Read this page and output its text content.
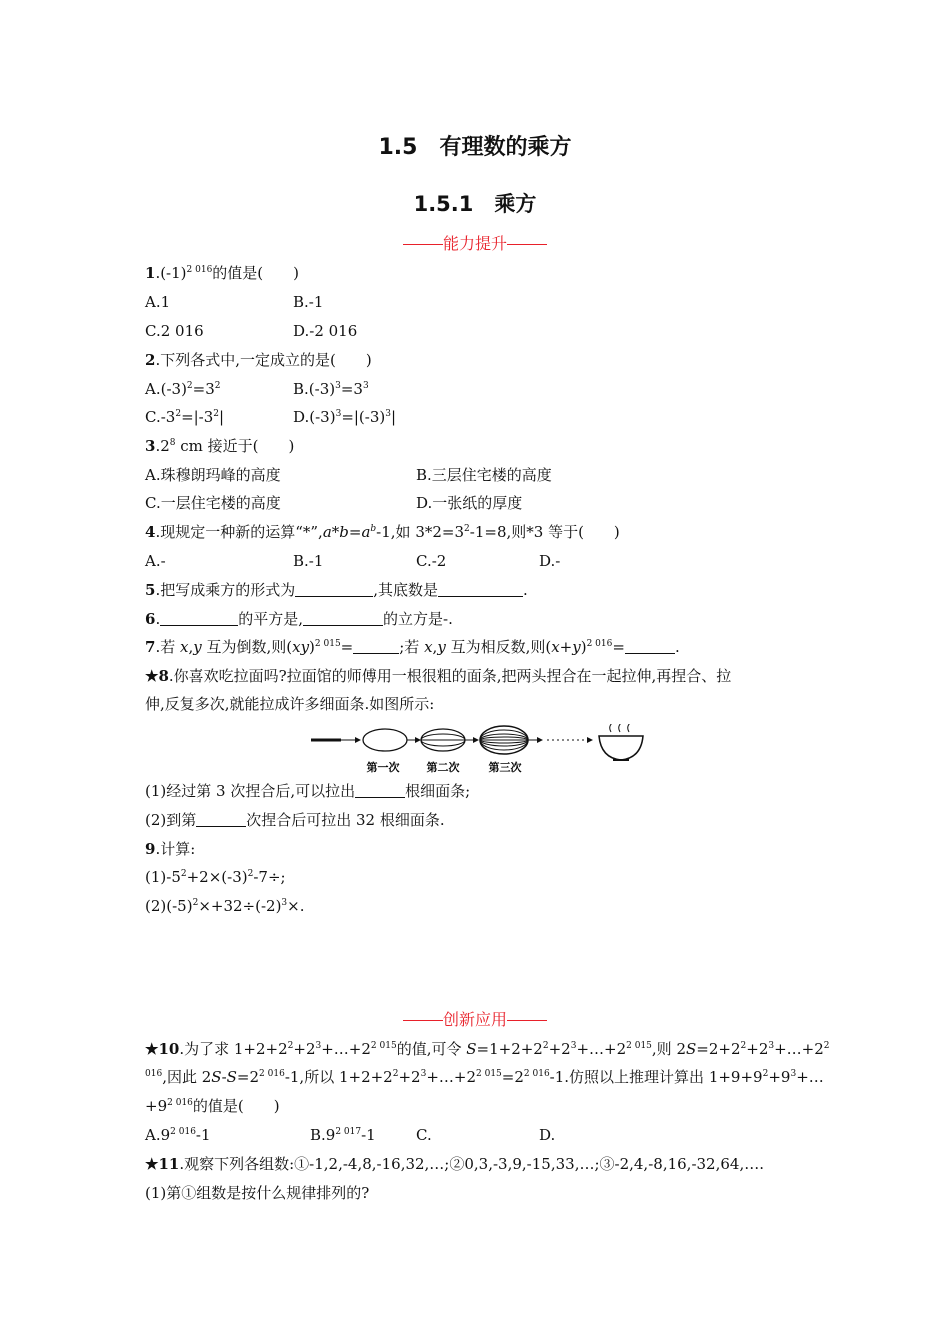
1.5　有理数的乘方
1.5.1　乘方
能力提升
$1.(-1)^{2 016}$的值是(　　)
A.1	B.-1
C.2 016	D.-2 016
2.下列各式中,一定成立的是(　　)
$A.(-3)^2=3^2$	$B.(-3)^3=3^3$
$C.-3^2=|-3^2|$	$D.(-3)^3=|(-3)^3|$
$3.2^8$ cm 接近于(　　)
A.珠穆朗玛峰的高度	B.三层住宅楼的高度
C.一层住宅楼的高度	D.一张纸的厚度
4.现规定一种新的运算“$*”,a*b=a^b-1$,如 $3*2=3^2-1=8$,则*3 等于(　　)
A.-	B.-1	C.-2	D.-
5.把写成乘方的形式为	,其底数是	.
6.	的平方是,	的立方是-.
7.若 x,y 互为倒数,则(xy)$^{2 015}$=	;若 x,y 互为相反数,则$(x+y)^{2 016}=$	.
★8.你喜欢吃拉面吗?拉面馆的师傅用一根很粗的面条,把两头捏合在一起拉伸,再捏合、拉
伸,反复多次,就能拉成许多细面条.如图所示:
第一次 第二次	第三次
(1)经过第 3 次捏合后,可以拉出	根细面条;
(2)到第	次捏合后可拉出 32 根细面条.
9.计算:
$(1)-5^2+2\times(-3)^2-7\div$;
$(2)(-5)^2\times+32\div(-2)^3\times$.
创新应用
★10.为了求 $1+2+2^2+2^3+\dots+2^{2 015}$的值,可令 $S=1+2+2^2+2^3+\dots+2^{2 015}$,则 $2S=2+2^2+2^3+\dots+2^2$
$^{016}$,因此 $2S-S=2^{2 016}-1$,所以 $1+2+2^2+2^3+\dots+2^{2 015}=2^{2 016}-1$.仿照以上推理计算出 $1+9+9^2+9^3+\dots$
$+9^{2 016}$的值是(　　)
$A.9^{2 016}-1$	$B.9^{2 017}-1$	C.	D.
★11.观察下列各组数:①-1,2,-4,8,-16,32,…;②0,3,-3,9,-15,33,…;③-2,4,-8,16,-32,64,….
(1)第①组数是按什么规律排列的?
